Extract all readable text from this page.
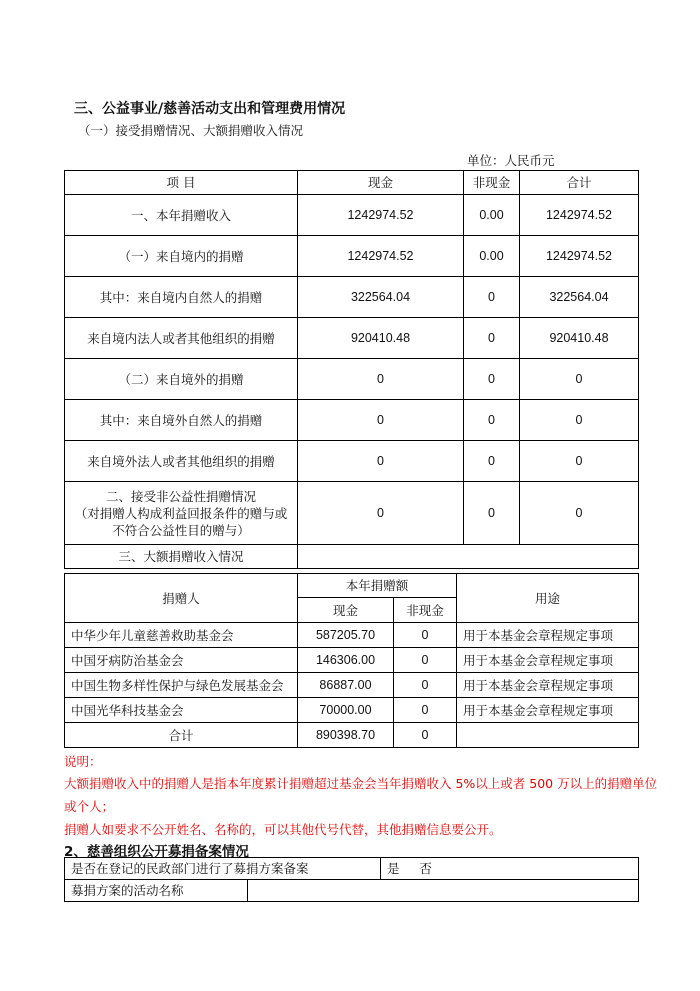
三、公益事业/慈善活动支出和管理费用情况
（一）接受捐赠情况、大额捐赠收入情况
单位：人民币元
项 目	现金	非现金	合计
一、本年捐赠收入	1242974.52	0.00	1242974.52
（一）来自境内的捐赠	1242974.52	0.00	1242974.52
其中：来自境内自然人的捐赠	322564.04	0	322564.04
来自境内法人或者其他组织的捐赠	920410.48	0	920410.48
（二）来自境外的捐赠	0	0	0
其中：来自境外自然人的捐赠	0	0	0
来自境外法人或者其他组织的捐赠	0	0	0

二、接受非公益性捐赠情况
（对捐赠人构成利益回报条件的赠与或
不符合公益性目的赠与）	0	0	0
三、大额捐赠收入情况			
捐赠人	本年捐赠额		用途
	现金	非现金	
中华少年儿童慈善救助基金会	587205.70	0	用于本基金会章程规定事项
中国牙病防治基金会	146306.00	0	用于本基金会章程规定事项
中国生物多样性保护与绿色发展基金会	86887.00	0	用于本基金会章程规定事项
中国光华科技基金会	70000.00	0	用于本基金会章程规定事项
合计	890398.70	0	
说明：
大额捐赠收入中的捐赠人是指本年度累计捐赠超过基金会当年捐赠收入 5%以上或者 500 万以上的捐赠单位
或个人；
捐赠人如要求不公开姓名、名称的，可以其他代号代替，其他捐赠信息要公开。
2、慈善组织公开募捐备案情况
是否在登记的民政部门进行了募捐方案备案		是     否
募捐方案的活动名称		
